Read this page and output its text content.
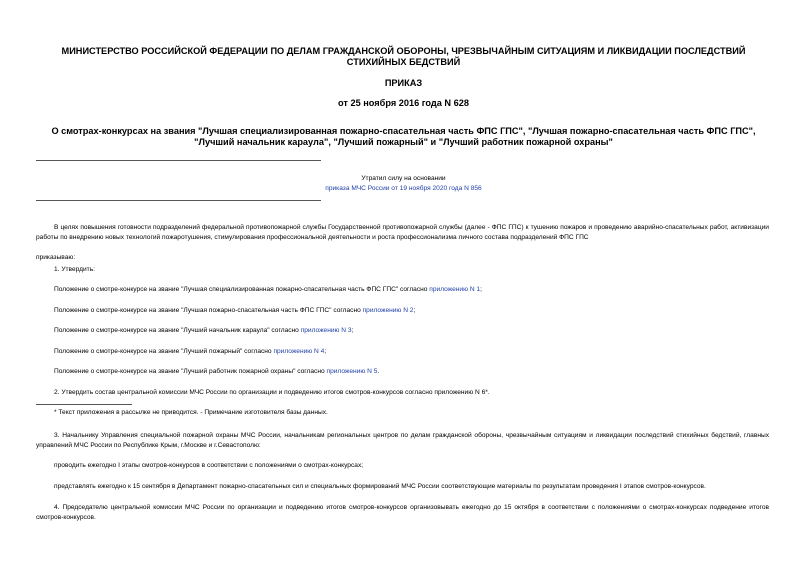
МИНИСТЕРСТВО РОССИЙСКОЙ ФЕДЕРАЦИИ ПО ДЕЛАМ ГРАЖДАНСКОЙ ОБОРОНЫ, ЧРЕЗВЫЧАЙНЫМ СИТУАЦИЯМ И ЛИКВИДАЦИИ ПОСЛЕДСТВИЙ СТИХИЙНЫХ БЕДСТВИЙ
ПРИКАЗ
от 25 ноября 2016 года N 628
О смотрах-конкурсах на звания "Лучшая специализированная пожарно-спасательная часть ФПС ГПС", "Лучшая пожарно-спасательная часть ФПС ГПС", "Лучший начальник караула", "Лучший пожарный" и "Лучший работник пожарной охраны"
Утратил силу на основании
приказа МЧС России от 19 ноября 2020 года N 856
В целях повышения готовности подразделений федеральной противопожарной службы Государственной противопожарной службы (далее - ФПС ГПС) к тушению пожаров и проведению аварийно-спасательных работ, активизации работы по внедрению новых технологий пожаротушения, стимулирования профессиональной деятельности и роста профессионализма личного состава подразделений ФПС ГПС
приказываю:
1. Утвердить:
Положение о смотре-конкурсе на звание "Лучшая специализированная пожарно-спасательная часть ФПС ГПС" согласно приложению N 1;
Положение о смотре-конкурсе на звание "Лучшая пожарно-спасательная часть ФПС ГПС" согласно приложению N 2;
Положение о смотре-конкурсе на звание "Лучший начальник караула" согласно приложению N 3;
Положение о смотре-конкурсе на звание "Лучший пожарный" согласно приложению N 4;
Положение о смотре-конкурсе на звание "Лучший работник пожарной охраны" согласно приложению N 5.
2. Утвердить состав центральной комиссии МЧС России по организации и подведению итогов смотров-конкурсов согласно приложению N 6*.
* Текст приложения в рассылке не приводится. - Примечание изготовителя базы данных.
3. Начальнику Управления специальной пожарной охраны МЧС России, начальникам региональных центров по делам гражданской обороны, чрезвычайным ситуациям и ликвидации последствий стихийных бедствий, главных управлений МЧС России по Республике Крым, г.Москве и г.Севастополю:
проводить ежегодно I этапы смотров-конкурсов в соответствии с положениями о смотрах-конкурсах;
представлять ежегодно к 15 сентября в Департамент пожарно-спасательных сил и специальных формирований МЧС России соответствующие материалы по результатам проведения I этапов смотров-конкурсов.
4. Председателю центральной комиссии МЧС России по организации и подведению итогов смотров-конкурсов организовывать ежегодно до 15 октября в соответствии с положениями о смотрах-конкурсах подведение итогов смотров-конкурсов.
